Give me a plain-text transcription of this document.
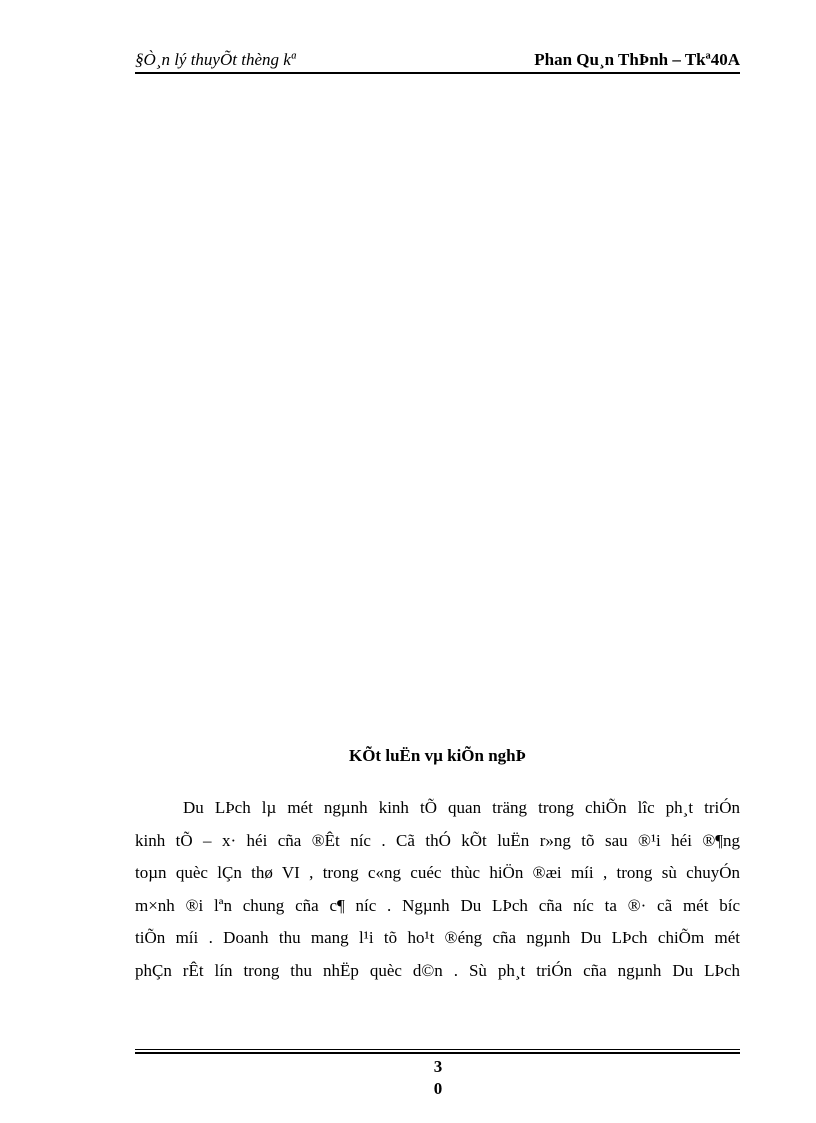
§Ò¸n lý thuyÕt thèng kª	Phan Qu¸n ThÞnh – Tkª40A
KÕt luËn vµ kiÕn nghÞ
Du LÞch lµ mét ngµnh kinh tÕ quan träng trong chiÕn lîc ph¸t triÓn
kinh tÕ – x· héi cña ®Êt níc . Cã thÓ kÕt luËn r»ng tõ sau ®¹i héi ®¶ng
toµn quèc lÇn thø VI , trong c«ng cuéc thùc hiÖn ®æi míi , trong sù chuyÓn
m×nh ®i lªn chung cña c¶ níc . Ngµnh Du LÞch cña níc ta ®· cã mét bíc
tiÕn míi . Doanh thu mang l¹i tõ ho¹t ®éng cña ngµnh Du LÞch chiÕm mét
phÇn rÊt lín trong thu nhËp quèc d©n . Sù ph¸t triÓn cña ngµnh Du LÞch
3
0
